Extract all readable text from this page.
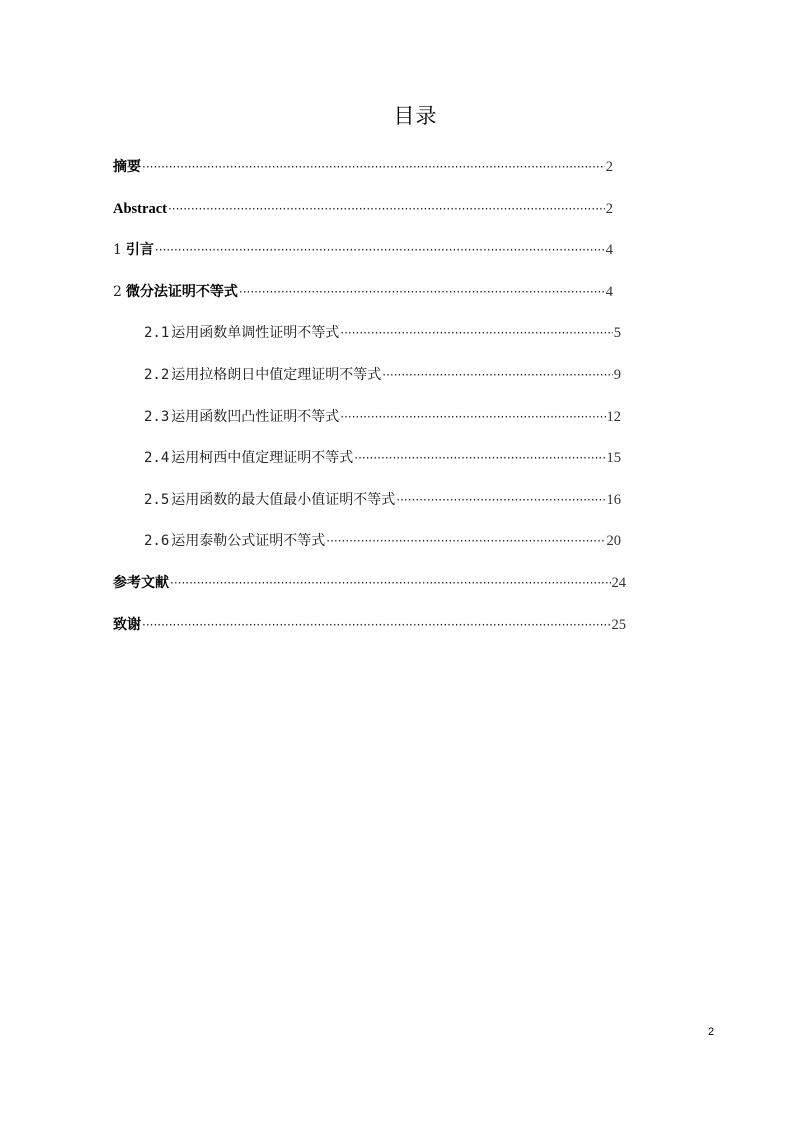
目录
摘要 ·····	2
Abstract ·····	2
1 引言 ·····	4
2 微分法证明不等式 ·····	4
2.1 运用函数单调性证明不等式 ·····	5
2.2 运用拉格朗日中值定理证明不等式 ·····	9
2.3 运用函数凹凸性证明不等式 ·····	12
2.4 运用柯西中值定理证明不等式 ·····	15
2.5 运用函数的最大值最小值证明不等式 ·····	16
2.6 运用泰勒公式证明不等式 ·····	20
参考文献 ·····	24
致谢 ·····	25
2
